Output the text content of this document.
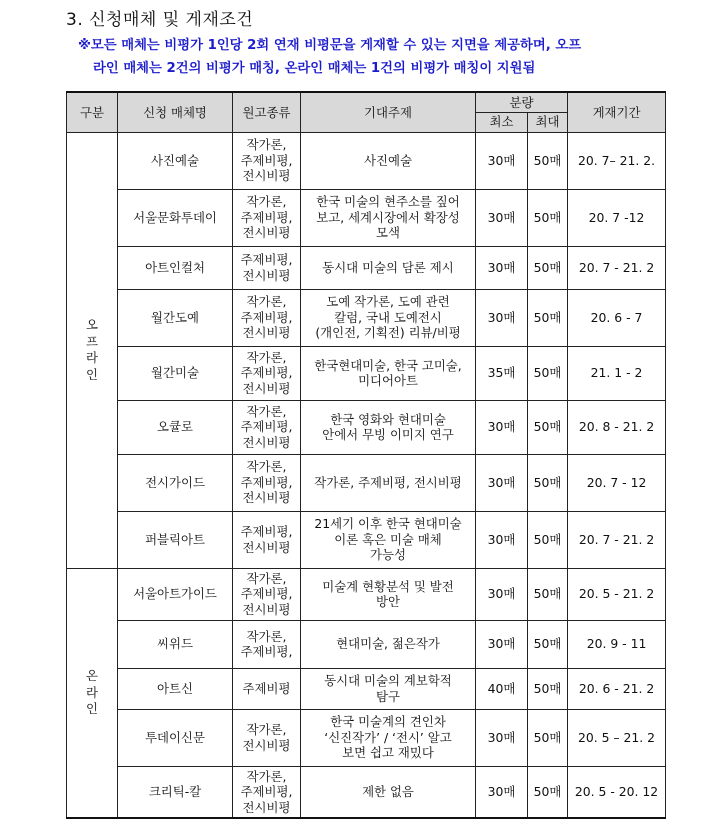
3. 신청매체 및 게재조건
※모든 매체는 비평가 1인당 2회 연재 비평문을 게재할 수 있는 지면을 제공하며, 오프
라인 매체는 2건의 비평가 매칭, 온라인 매체는 1건의 비평가 매칭이 지원됨
구분	신청 매체명	원고종류	기대주제	분량		게재기간
				최소	최대	
오
프
라
인	사진예술	작가론,
주제비평,
전시비평	사진예술	30매	50매	20. 7– 21. 2.
	서울문화투데이	작가론,
주제비평,
전시비평	한국 미술의 현주소를 짚어
보고, 세계시장에서 확장성
모색	30매	50매	20. 7 -12
	아트인컬처	주제비평,
전시비평	동시대 미술의 담론 제시	30매	50매	20. 7 - 21. 2
	월간도예	작가론,
주제비평,
전시비평	도예 작가론, 도예 관련
칼럼, 국내 도예전시
(개인전, 기획전) 리뷰/비평	30매	50매	20. 6 - 7
	월간미술	작가론,
주제비평,
전시비평	한국현대미술, 한국 고미술,
미디어아트	35매	50매	21. 1 - 2
	오큘로	작가론,
주제비평,
전시비평	한국 영화와 현대미술
안에서 무빙 이미지 연구	30매	50매	20. 8 - 21. 2
	전시가이드	작가론,
주제비평,
전시비평	작가론, 주제비평, 전시비평	30매	50매	20. 7 - 12
	퍼블릭아트	주제비평,
전시비평	21세기 이후 한국 현대미술
이론 혹은 미술 매체
가능성	30매	50매	20. 7 - 21. 2
온
라
인	서울아트가이드	작가론,
주제비평,
전시비평	미술계 현황분석 및 발전
방안	30매	50매	20. 5 - 21. 2
	씨위드	작가론,
주제비평,	현대미술, 젊은작가	30매	50매	20. 9 - 11
	아트신	주제비평	동시대 미술의 계보학적
탐구	40매	50매	20. 6 - 21. 2
	투데이신문	작가론,
전시비평	한국 미술계의 견인차
‘신진작가’ / ‘전시’ 알고
보면 쉽고 재밌다	30매	50매	20. 5 – 21. 2
	크리틱-칼	작가론,
주제비평,
전시비평	제한 없음	30매	50매	20. 5 - 20. 12
